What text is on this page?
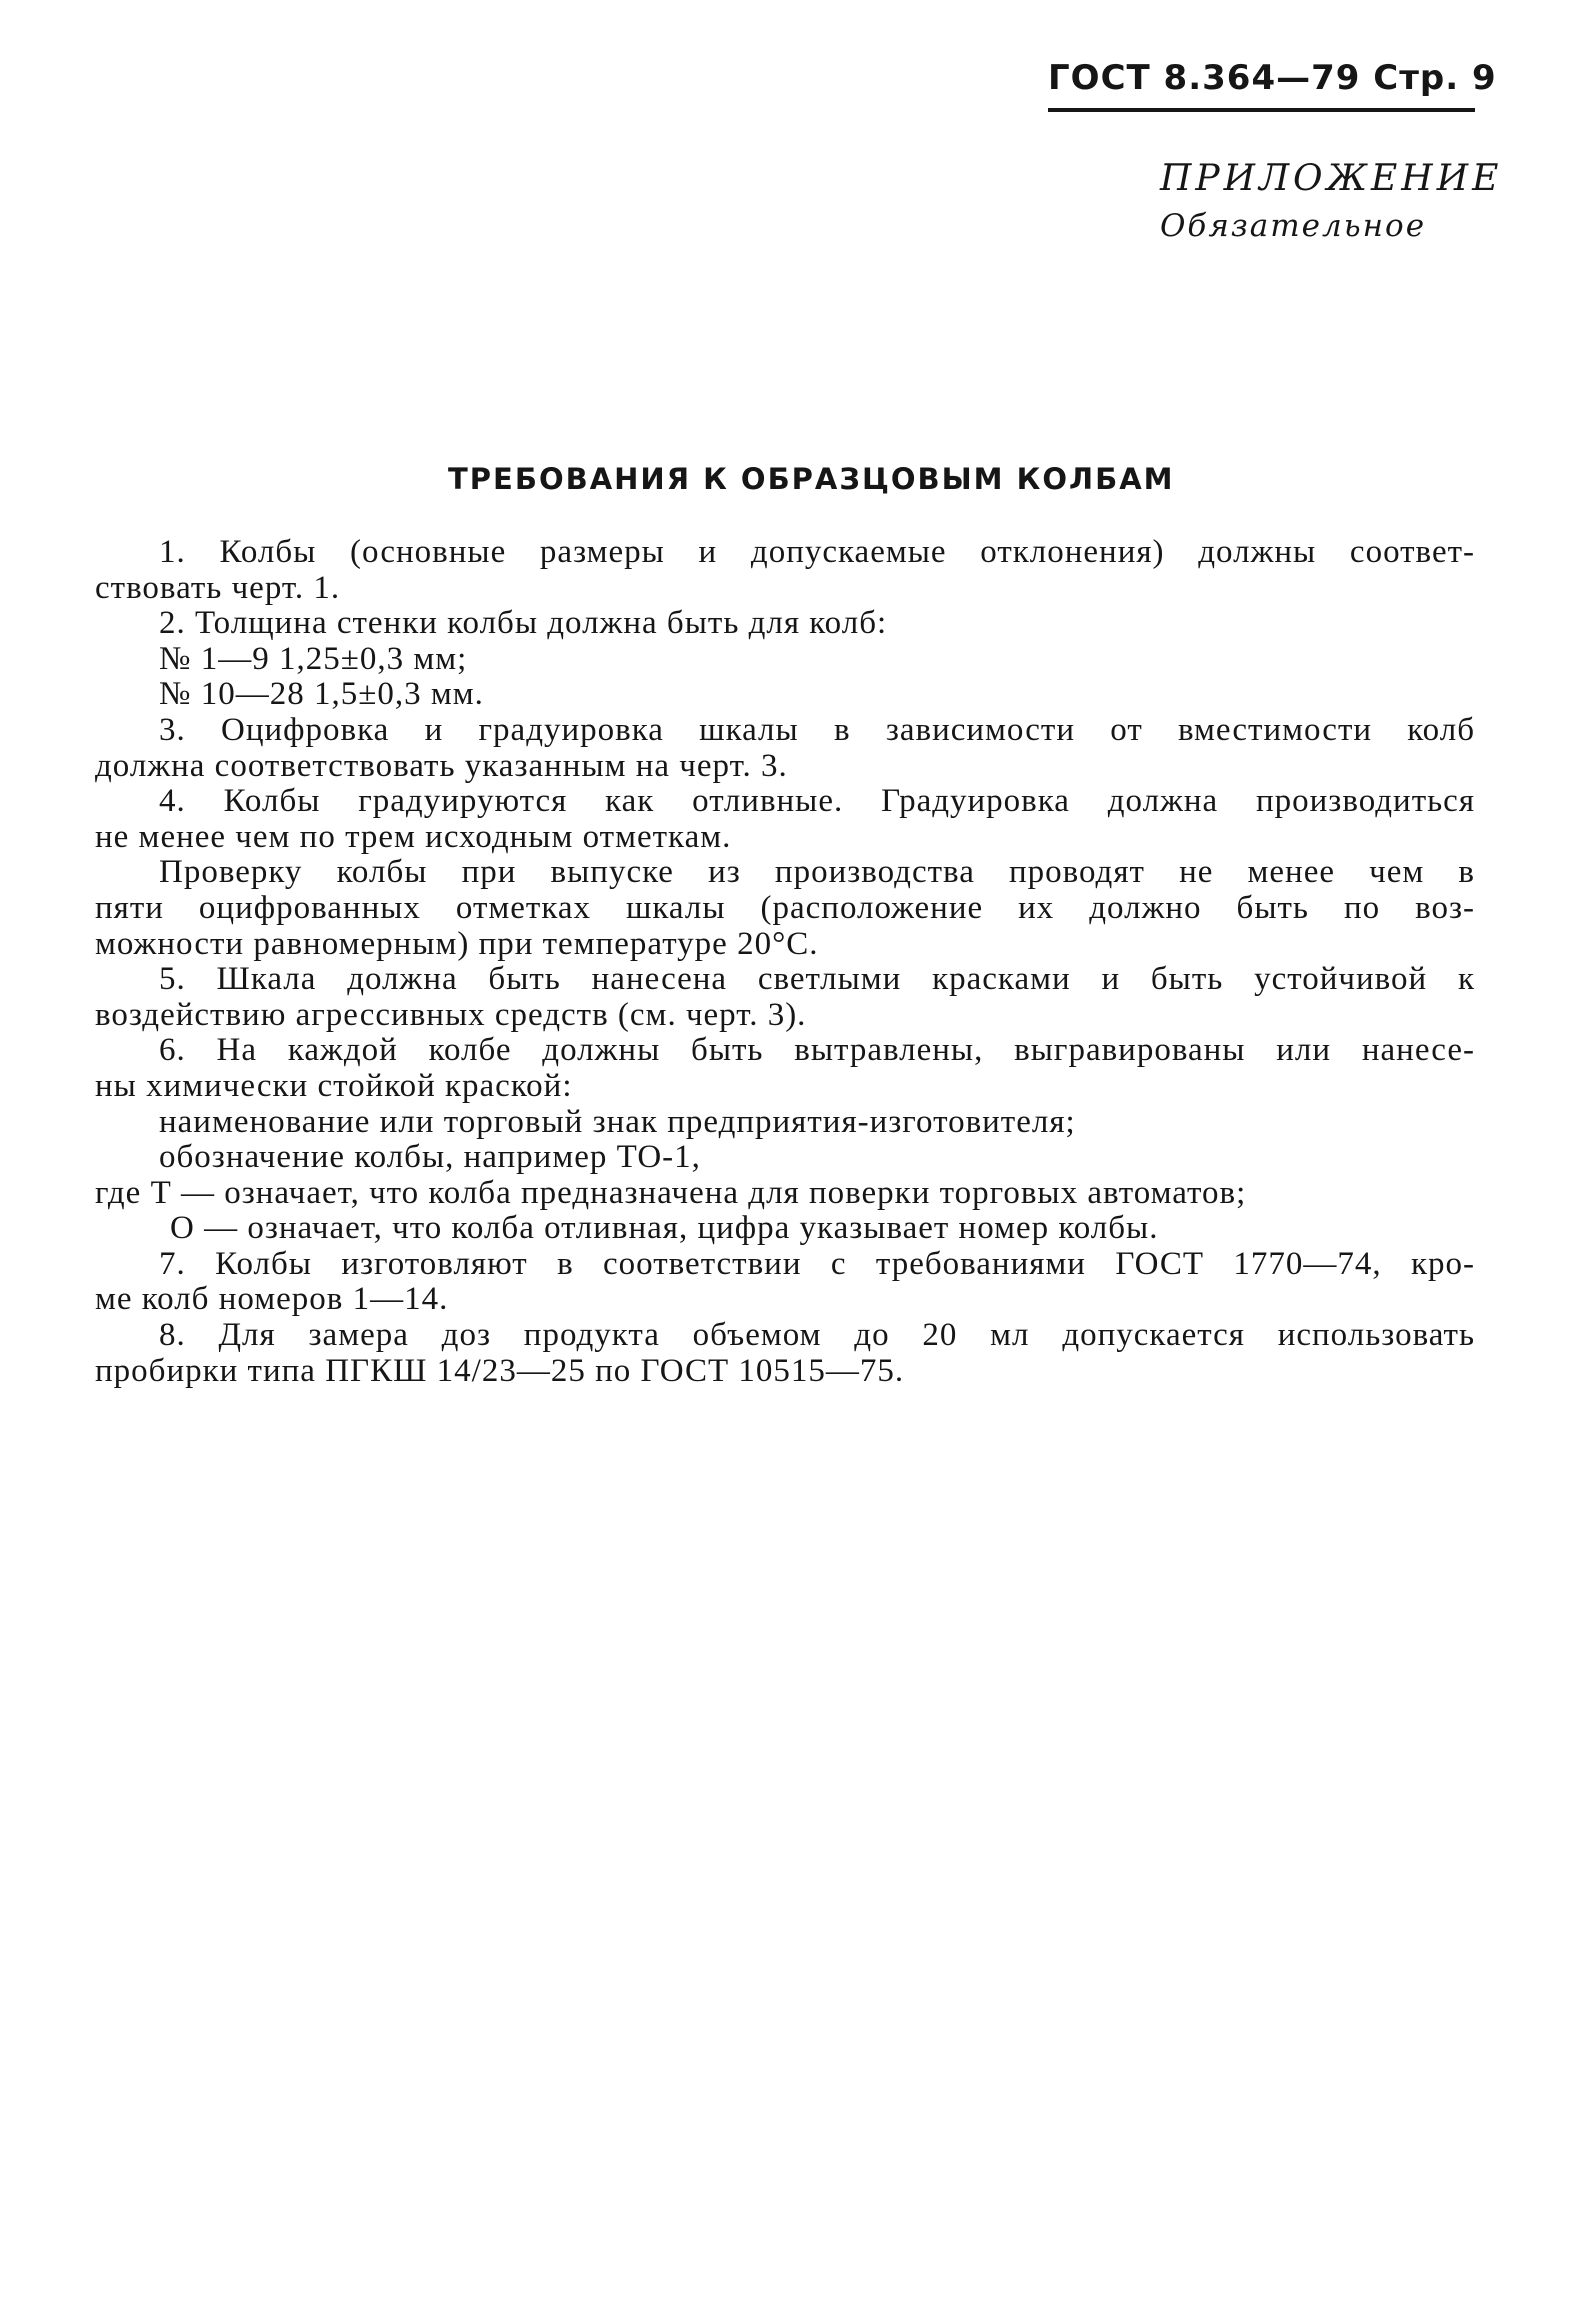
ГОСТ 8.364—79 Стр. 9
ПРИЛОЖЕНИЕ
Обязательное
ТРЕБОВАНИЯ К ОБРАЗЦОВЫМ КОЛБАМ
1. Колбы (основные размеры и допускаемые отклонения) должны соответ-
ствовать черт. 1.
2. Толщина стенки колбы должна быть для колб:
№ 1—9 1,25±0,3 мм;
№ 10—28 1,5±0,3 мм.
3. Оцифровка и градуировка шкалы в зависимости от вместимости колб
должна соответствовать указанным на черт. 3.
4. Колбы градуируются как отливные. Градуировка должна производиться
не менее чем по трем исходным отметкам.
Проверку колбы при выпуске из производства проводят не менее чем в
пяти оцифрованных отметках шкалы (расположение их должно быть по воз-
можности равномерным) при температуре 20°С.
5. Шкала должна быть нанесена светлыми красками и быть устойчивой к
воздействию агрессивных средств (см. черт. 3).
6. На каждой колбе должны быть вытравлены, выгравированы или нанесе-
ны химически стойкой краской:
наименование или торговый знак предприятия-изготовителя;
обозначение колбы, например ТО-1,
где Т — означает, что колба предназначена для поверки торговых автоматов;
О — означает, что колба отливная, цифра указывает номер колбы.
7. Колбы изготовляют в соответствии с требованиями ГОСТ 1770—74, кро-
ме колб номеров 1—14.
8. Для замера доз продукта объемом до 20 мл допускается использовать
пробирки типа ПГКШ 14/23—25 по ГОСТ 10515—75.
